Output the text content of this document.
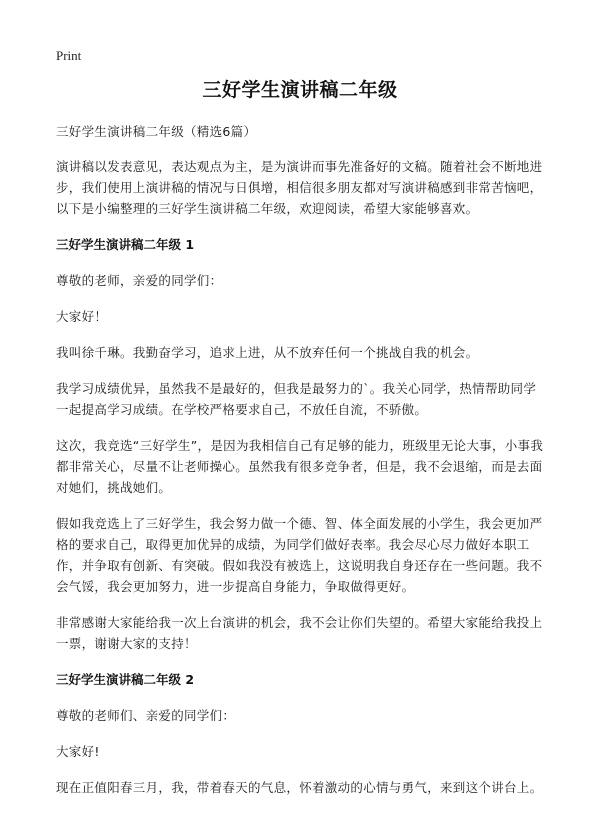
Print
三好学生演讲稿二年级

三好学生演讲稿二年级（精选6篇）

演讲稿以发表意见，表达观点为主，是为演讲而事先准备好的文稿。随着社会不断地进步，我们使用上演讲稿的情况与日俱增，相信很多朋友都对写演讲稿感到非常苦恼吧，以下是小编整理的三好学生演讲稿二年级，欢迎阅读，希望大家能够喜欢。

三好学生演讲稿二年级 1

尊敬的老师，亲爱的同学们：

大家好！

我叫徐千琳。我勤奋学习，追求上进，从不放弃任何一个挑战自我的机会。

我学习成绩优异，虽然我不是最好的，但我是最努力的`。我关心同学，热情帮助同学一起提高学习成绩。在学校严格要求自己，不放任自流，不骄傲。

这次，我竞选“三好学生”，是因为我相信自己有足够的能力，班级里无论大事，小事我都非常关心，尽量不让老师操心。虽然我有很多竞争者，但是，我不会退缩，而是去面对她们，挑战她们。

假如我竞选上了三好学生，我会努力做一个德、智、体全面发展的小学生，我会更加严格的要求自己，取得更加优异的成绩，为同学们做好表率。我会尽心尽力做好本职工作，并争取有创新、有突破。假如我没有被选上，这说明我自身还存在一些问题。我不会气馁，我会更加努力，进一步提高自身能力，争取做得更好。

非常感谢大家能给我一次上台演讲的机会，我不会让你们失望的。希望大家能给我投上一票，谢谢大家的支持！

三好学生演讲稿二年级 2

尊敬的老师们、亲爱的同学们：

大家好!

现在正值阳春三月，我，带着春天的气息，怀着激动的心情与勇气，来到这个讲台上。
